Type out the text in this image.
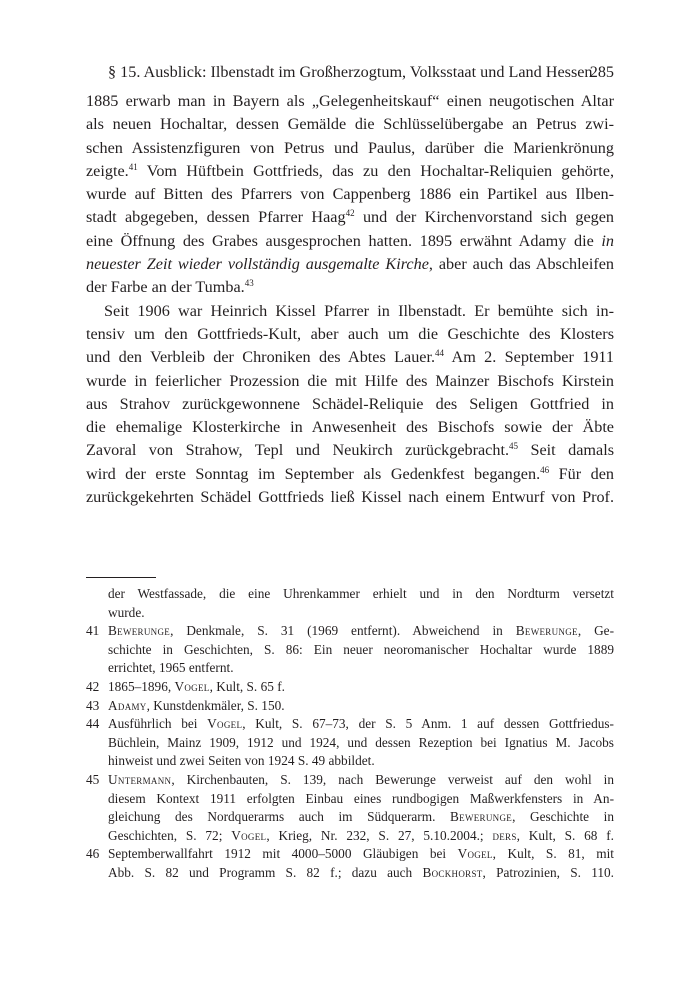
§ 15. Ausblick: Ilbenstadt im Großherzogtum, Volksstaat und Land Hessen
285
1885 erwarb man in Bayern als „Gelegenheitskauf“ einen neugotischen Altar
als neuen Hochaltar, dessen Gemälde die Schlüsselübergabe an Petrus zwi-
schen Assistenzfiguren von Petrus und Paulus, darüber die Marienkrönung
zeigte.$^{41}$ Vom Hüftbein Gottfrieds, das zu den Hochaltar-Reliquien gehörte,
wurde auf Bitten des Pfarrers von Cappenberg 1886 ein Partikel aus Ilben-
stadt abgegeben, dessen Pfarrer Haag$^{42}$ und der Kirchenvorstand sich gegen
eine Öffnung des Grabes ausgesprochen hatten. 1895 erwähnt Adamy die in
neuester Zeit wieder vollständig ausgemalte Kirche, aber auch das Abschleifen
der Farbe an der Tumba.$^{43}$
Seit 1906 war Heinrich Kissel Pfarrer in Ilbenstadt. Er bemühte sich in-
tensiv um den Gottfrieds-Kult, aber auch um die Geschichte des Klosters
und den Verbleib der Chroniken des Abtes Lauer.$^{44}$ Am 2. September 1911
wurde in feierlicher Prozession die mit Hilfe des Mainzer Bischofs Kirstein
aus Strahov zurückgewonnene Schädel-Reliquie des Seligen Gottfried in
die ehemalige Klosterkirche in Anwesenheit des Bischofs sowie der Äbte
Zavoral von Strahow, Tepl und Neukirch zurückgebracht.$^{45}$ Seit damals
wird der erste Sonntag im September als Gedenkfest begangen.$^{46}$ Für den
zurückgekehrten Schädel Gottfrieds ließ Kissel nach einem Entwurf von Prof.
der Westfassade, die eine Uhrenkammer erhielt und in den Nordturm versetzt
wurde.
41 Bewerunge, Denkmale, S. 31 (1969 entfernt). Abweichend in Bewerunge, Ge-
schichte in Geschichten, S. 86: Ein neuer neoromanischer Hochaltar wurde 1889
errichtet, 1965 entfernt.
42 1865–1896, Vogel, Kult, S. 65 f.
43 Adamy, Kunstdenkmäler, S. 150.
44 Ausführlich bei Vogel, Kult, S. 67–73, der S. 5 Anm. 1 auf dessen Gottfriedus-
Büchlein, Mainz 1909, 1912 und 1924, und dessen Rezeption bei Ignatius M. Jacobs
hinweist und zwei Seiten von 1924 S. 49 abbildet.
45 Untermann, Kirchenbauten, S. 139, nach Bewerunge verweist auf den wohl in
diesem Kontext 1911 erfolgten Einbau eines rundbogigen Maßwerkfensters in An-
gleichung des Nordquerarms auch im Südquerarm. Bewerunge, Geschichte in
Geschichten, S. 72; Vogel, Krieg, Nr. 232, S. 27, 5.10.2004.; ders, Kult, S. 68 f.
46 Septemberwallfahrt 1912 mit 4000–5000 Gläubigen bei Vogel, Kult, S. 81, mit
Abb. S. 82 und Programm S. 82 f.; dazu auch Bockhorst, Patrozinien, S. 110.
